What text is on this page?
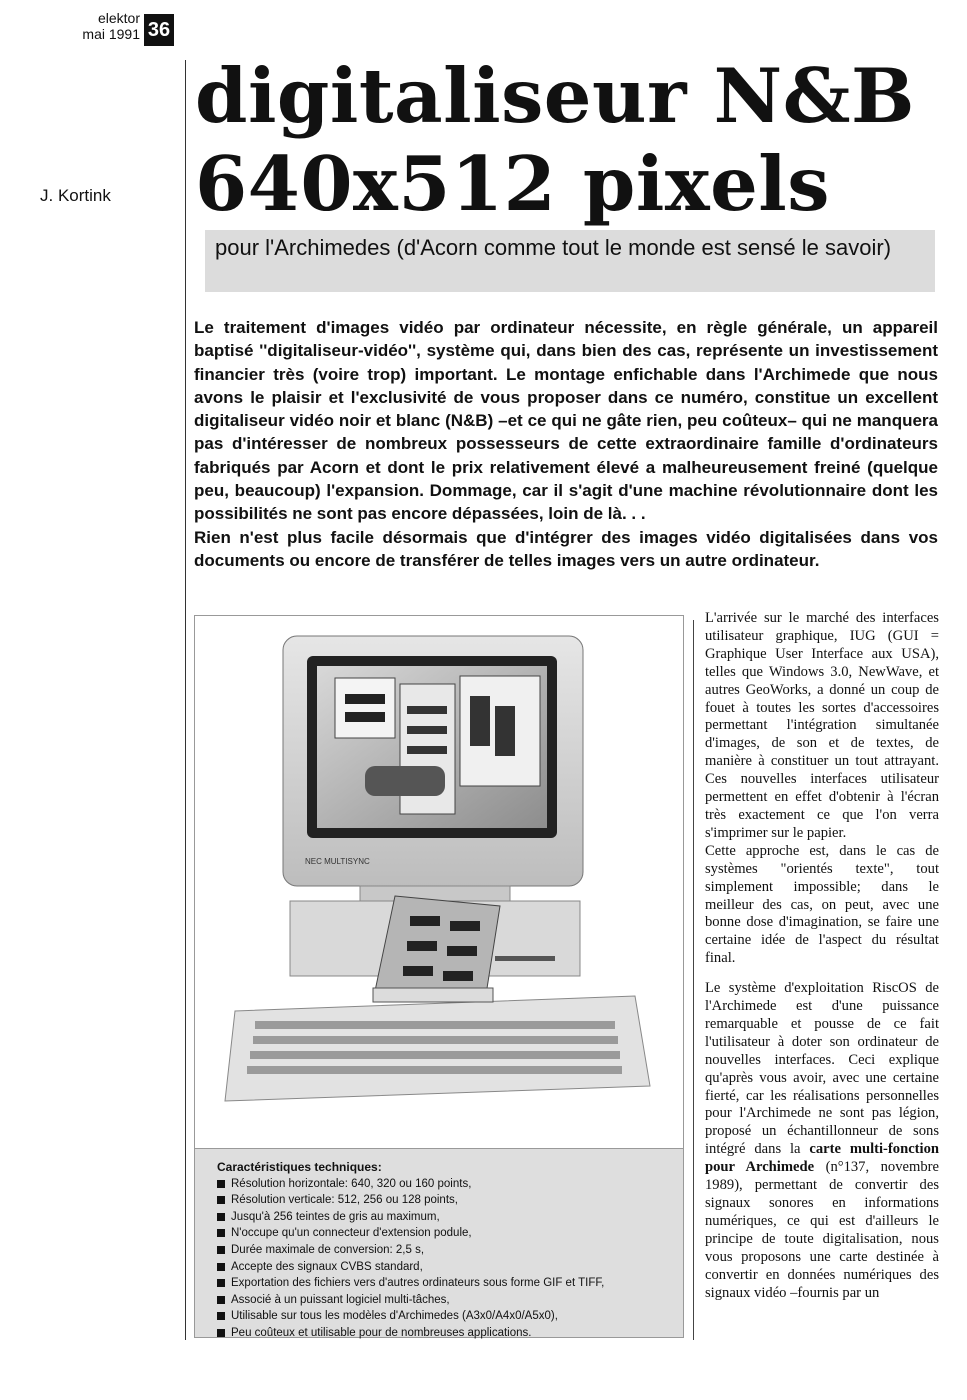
elektor
mai 1991 36
J. Kortink
digitaliseur N&B
640x512 pixels
pour l'Archimedes (d'Acorn comme tout le monde est sensé le savoir)

Le traitement d'images vidéo par ordinateur nécessite, en règle générale, un appareil baptisé ''digitaliseur-vidéo'', système qui, dans bien des cas, représente un investissement financier très (voire trop) important. Le montage enfichable dans l'Archimede que nous avons le plaisir et l'exclusivité de vous proposer dans ce numéro, constitue un excellent digitaliseur vidéo noir et blanc (N&B) –et ce qui ne gâte rien, peu coûteux– qui ne manquera pas d'intéresser de nombreux possesseurs de cette extraordinaire famille d'ordinateurs fabriqués par Acorn et dont le prix relativement élevé a malheureusement freiné (quelque peu, beaucoup) l'expansion. Dommage, car il s'agit d'une machine révolutionnaire dont les possibilités ne sont pas encore dépassées, loin de là. . .

Rien n'est plus facile désormais que d'intégrer des images vidéo digitalisées dans vos documents ou encore de transférer de telles images vers un autre ordinateur.

NEC MULTISYNC
Caractéristiques techniques:
Résolution horizontale: 640, 320 ou 160 points,
Résolution verticale: 512, 256 ou 128 points,
Jusqu'à 256 teintes de gris au maximum,
N'occupe qu'un connecteur d'extension podule,
Durée maximale de conversion: 2,5 s,
Accepte des signaux CVBS standard,
Exportation des fichiers vers d'autres ordinateurs sous forme GIF et TIFF,
Associé à un puissant logiciel multi-tâches,
Utilisable sur tous les modèles d'Archimedes (A3x0/A4x0/A5x0),
Peu coûteux et utilisable pour de nombreuses applications.

L'arrivée sur le marché des interfaces utilisateur graphique, IUG (GUI = Graphique User Interface aux USA), telles que Windows 3.0, NewWave, et autres GeoWorks, a donné un coup de fouet à toutes les sortes d'accessoires permettant l'intégration simultanée d'images, de son et de textes, de manière à constituer un tout attrayant. Ces nouvelles interfaces utilisateur permettent en effet d'obtenir à l'écran très exactement ce que l'on verra s'imprimer sur le papier.

Cette approche est, dans le cas de systèmes "orientés texte", tout simplement impossible; dans le meilleur des cas, on peut, avec une bonne dose d'imagination, se faire une certaine idée de l'aspect du résultat final.

Le système d'exploitation RiscOS de l'Archimede est d'une puissance remarquable et pousse de ce fait l'utilisateur à doter son ordinateur de nouvelles interfaces. Ceci explique qu'après vous avoir, avec une certaine fierté, car les réalisations personnelles pour l'Archimede ne sont pas légion, proposé un échantillonneur de sons intégré dans la carte multi-fonction pour Archimede (n°137, novembre 1989), permettant de convertir des signaux sonores en informations numériques, ce qui est d'ailleurs le principe de toute digitalisation, nous vous proposons une carte destinée à convertir en données numériques des signaux vidéo –fournis par un
